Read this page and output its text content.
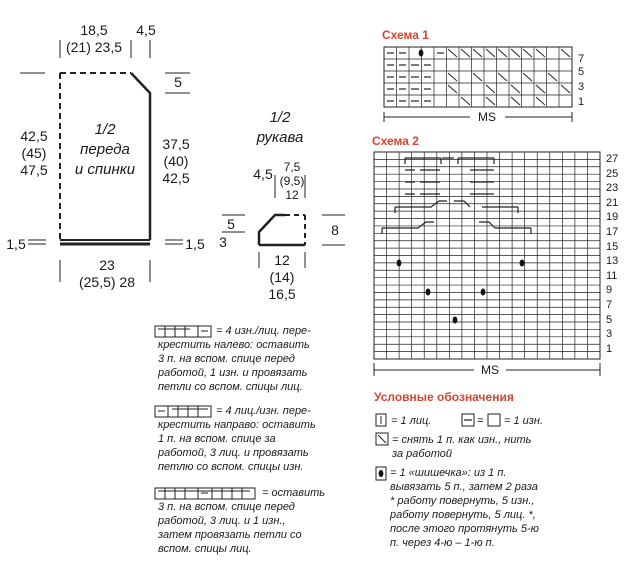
18,5
(21) 23,5
4,5
5
42,5
(45)
47,5
37,5
(40)
42,5
1/2
переда
и спинки
1,5	1,5
23
(25,5) 28
1/2
рукава
4,5 7,5
(9,5)
12
5
3
8
12
(14)
16,5
Схема 1
7
5
3
1
MS
Схема 2
27
25
23
21
19
17
15
13
11
9
7
5
3
1
MS
= 4 изн./лиц. пере-
крестить налево: оставить
3 п. на вспом. спице перед
работой, 1 изн. и провязать
петли со вспом. спицы лиц.
= 4 лиц./изн. пере-
крестить направо: оставить
1 п. на вспом. спице за
работой, 3 лиц. и провязать
петлю со вспом. спицы изн.
= оставить
3 п. на вспом. спице перед
работой, 3 лиц. и 1 изн.,
затем провязать петли со
вспом. спицы лиц.
Условные обозначения
=
= 1 лиц.	= 1 изн.
= снять 1 п. как изн., нить
за работой
= 1 «шишечка»: из 1 п.
вывязать 5 п., затем 2 раза
* работу повернуть, 5 изн.,
работу повернуть, 5 лиц. *,
после этого протянуть 5-ю
п. через 4-ю – 1-ю п.
